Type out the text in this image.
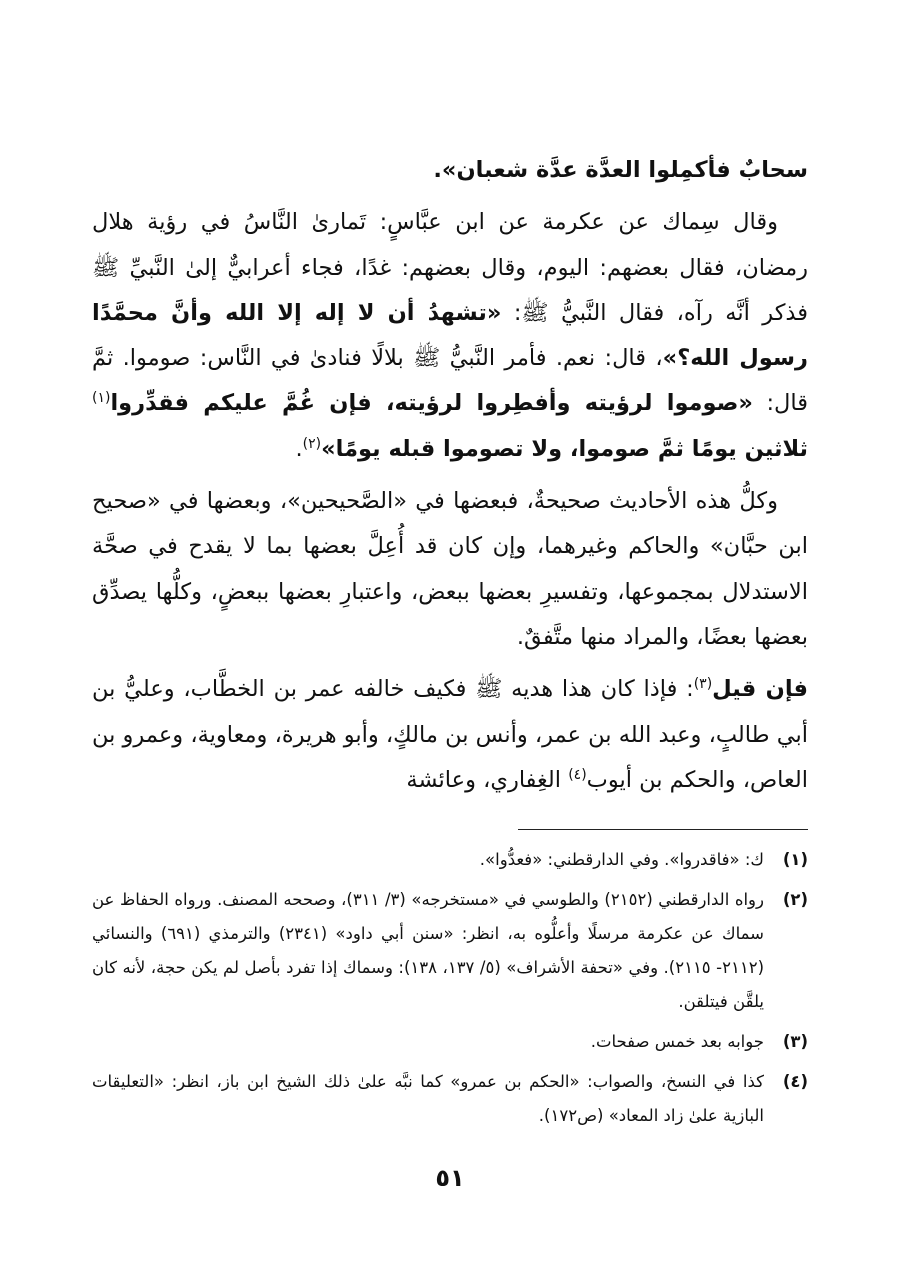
سحابٌ فأكمِلوا العدَّة عدَّة شعبان».

وقال سِماك عن عكرمة عن ابن عبَّاسٍ: تَمارىٰ النَّاسُ في رؤية هلال رمضان، فقال بعضهم: اليوم، وقال بعضهم: غدًا، فجاء أعرابيٌّ إلىٰ النَّبيِّ ﷺ فذكر أنَّه رآه، فقال النَّبيُّ ﷺ: «تشهدُ أن لا إله إلا الله وأنَّ محمَّدًا رسول الله؟»، قال: نعم. فأمر النَّبيُّ ﷺ بلالًا فنادىٰ في النَّاس: صوموا. ثمَّ قال: «صوموا لرؤيته وأفطِروا لرؤيته، فإن غُمَّ عليكم فقدِّروا$^{(١)}$ ثلاثين يومًا ثمَّ صوموا، ولا تصوموا قبله يومًا»$^{(٢)}$.

وكلُّ هذه الأحاديث صحيحةٌ، فبعضها في «الصَّحيحين»، وبعضها في «صحيح ابن حبَّان» والحاكم وغيرهما، وإن كان قد أُعِلَّ بعضها بما لا يقدح في صحَّة الاستدلال بمجموعها، وتفسيرِ بعضها ببعض، واعتبارِ بعضها ببعضٍ، وكلُّها يصدِّق بعضها بعضًا، والمراد منها متَّفقٌ.

فإن قيل$^{(٣)}$: فإذا كان هذا هديه ﷺ فكيف خالفه عمر بن الخطَّاب، وعليُّ بن أبي طالبٍ، وعبد الله بن عمر، وأنس بن مالكٍ، وأبو هريرة، ومعاوية، وعمرو بن العاص، والحكم بن أيوب$^{(٤)}$ الغِفاري، وعائشة

(١)
ك: «فاقدروا». وفي الدارقطني: «فعدُّوا».
(٢)
رواه الدارقطني (٢١٥٢) والطوسي في «مستخرجه» (٣/ ٣١١)، وصححه المصنف. ورواه الحفاظ عن سماك عن عكرمة مرسلًا وأعلُّوه به، انظر: «سنن أبي داود» (٢٣٤١) والترمذي (٦٩١) والنسائي (٢١١٢- ٢١١٥). وفي «تحفة الأشراف» (٥/ ١٣٧، ١٣٨): وسماك إذا تفرد بأصل لم يكن حجة، لأنه كان يلقَّن فيتلقن.
(٣)
جوابه بعد خمس صفحات.
(٤)
كذا في النسخ، والصواب: «الحكم بن عمرو» كما نبَّه علىٰ ذلك الشيخ ابن باز، انظر: «التعليقات البازية علىٰ زاد المعاد» (ص١٧٢).
٥١
